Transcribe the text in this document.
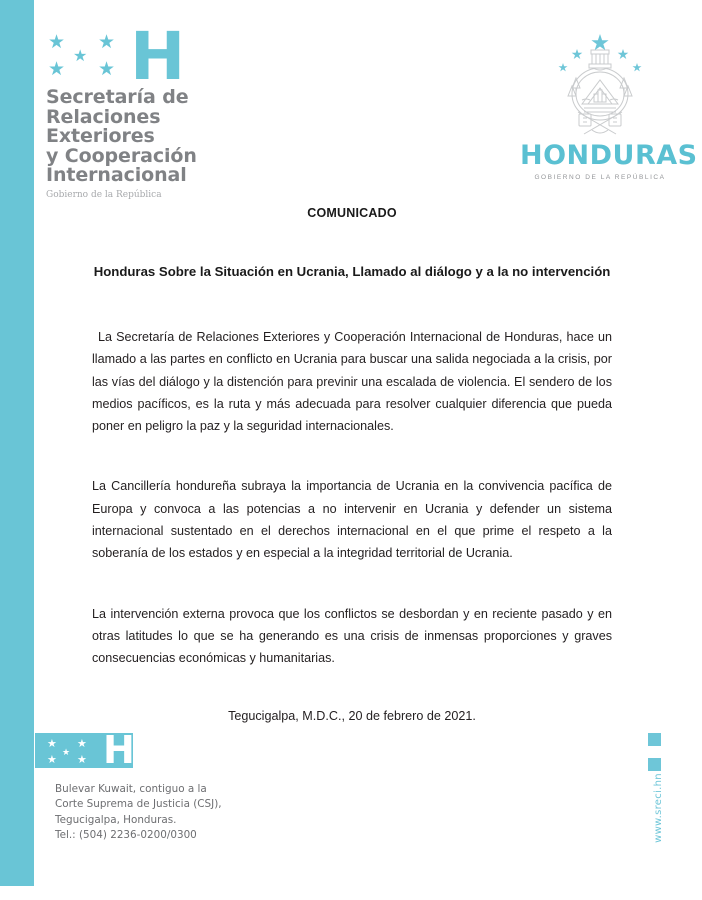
★ ★
★
★ ★ H
Secretaría de
Relaciones
Exteriores
y Cooperación
Internacional
Gobierno de la República
HONDURAS
GOBIERNO DE LA REPÚBLICA
COMUNICADO
Honduras Sobre la Situación en Ucrania, Llamado al diálogo y a la no intervención

La Secretaría de Relaciones Exteriores y Cooperación Internacional de Honduras, hace un llamado a las partes en conflicto en Ucrania para buscar una salida negociada a la crisis, por las vías del diálogo y la distención para previnir una escalada de violencia. El sendero de los medios pacíficos, es la ruta y más adecuada para resolver cualquier diferencia que pueda poner en peligro la paz y la seguridad internacionales.

La Cancillería hondureña subraya la importancia de Ucrania en la convivencia pacífica de Europa y convoca a las potencias a no intervenir en Ucrania y defender un sistema internacional sustentado en el derechos internacional en el que prime el respeto a la soberanía de los estados y en especial a la integridad territorial de Ucrania.

La intervención externa provoca que los conflictos se desbordan y en reciente pasado y en otras latitudes lo que se ha generando es una crisis de inmensas proporciones y graves consecuencias económicas y humanitarias.

Tegucigalpa, M.D.C., 20 de febrero de 2021.
★ ★
★
★ ★ H
Bulevar Kuwait, contiguo a la
Corte Suprema de Justicia (CSJ),
Tegucigalpa, Honduras.
Tel.: (504) 2236-0200/0300	www.sreci.hn
